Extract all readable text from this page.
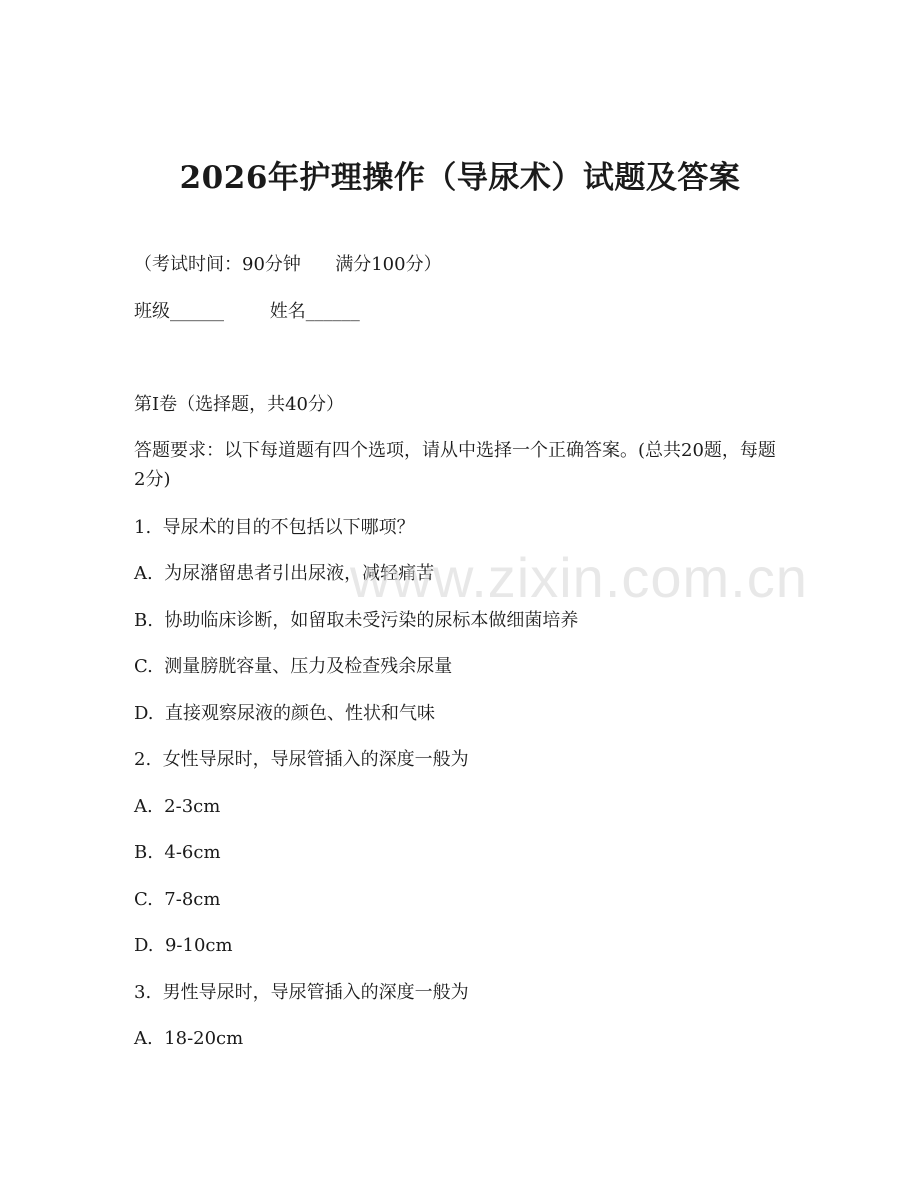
2026年护理操作（导尿术）试题及答案
（考试时间：90分钟      满分100分）
班级______        姓名______
第I卷（选择题，共40分）
答题要求：以下每道题有四个选项，请从中选择一个正确答案。(总共20题，每题2分)
1.  导尿术的目的不包括以下哪项？
A.  为尿潴留患者引出尿液，减轻痛苦
B.  协助临床诊断，如留取未受污染的尿标本做细菌培养
C.  测量膀胱容量、压力及检查残余尿量
D.  直接观察尿液的颜色、性状和气味
2.  女性导尿时，导尿管插入的深度一般为
A.  2-3cm
B.  4-6cm
C.  7-8cm
D.  9-10cm
3.  男性导尿时，导尿管插入的深度一般为
A.  18-20cm
www.zixin.com.cn
